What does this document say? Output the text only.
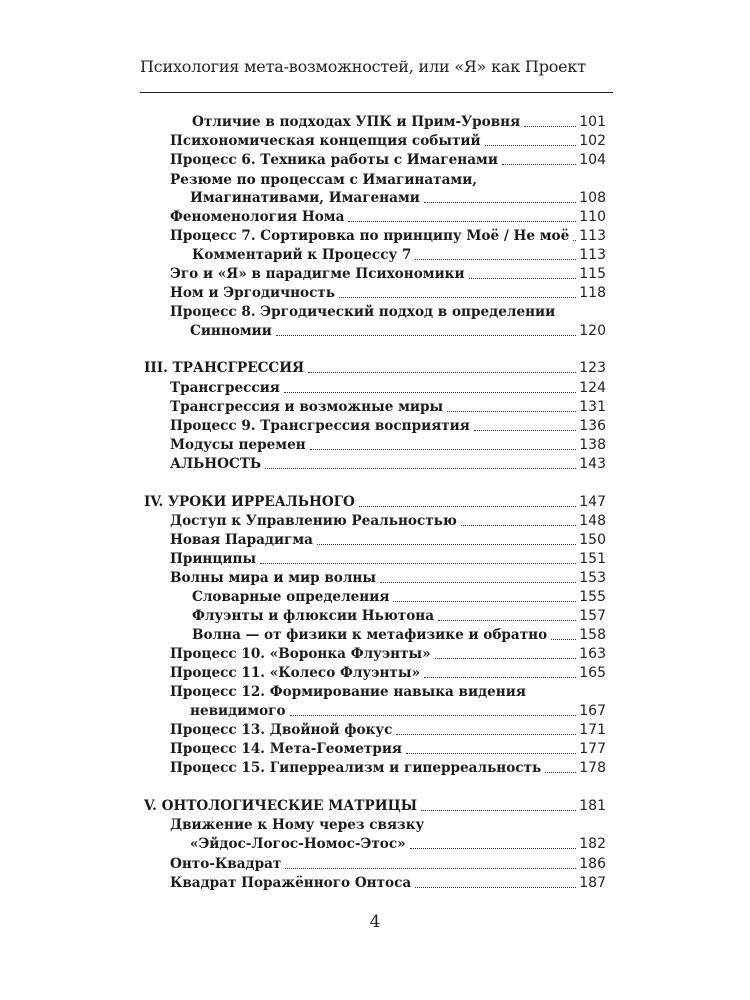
Психология мета-возможностей, или «Я» как Проект
Отличие в подходах УПК и Прим-Уровня	101
Психономическая концепция событий	102
Процесс 6. Техника работы с Имагенами	104
Резюме по процессам с Имагинатами,
Имагинативами, Имагенами	108
Феноменология Нома	110
Процесс 7. Сортировка по принципу Моё / Не моё 113
Комментарий к Процессу 7	113
Эго и «Я» в парадигме Психономики	115
Ном и Эргодичность	118
Процесс 8. Эргодический подход в определении
Синномии	120
III. ТРАНСГРЕССИЯ	123
Трансгрессия	124
Трансгрессия и возможные миры	131
Процесс 9. Трансгрессия восприятия	136
Модусы перемен	138
АЛЬНОСТЬ	143
IV. УРОКИ ИРРЕАЛЬНОГО	147
Доступ к Управлению Реальностью	148
Новая Парадигма	150
Принципы	151
Волны мира и мир волны	153
Словарные определения	155
Флуэнты и флюксии Ньютона	157
Волна — от физики к метафизике и обратно 158
Процесс 10. «Воронка Флуэнты»	163
Процесс 11. «Колесо Флуэнты»	165
Процесс 12. Формирование навыка видения
невидимого	167
Процесс 13. Двойной фокус	171
Процесс 14. Мета-Геометрия	177
Процесс 15. Гиперреализм и гиперреальность	178
V. ОНТОЛОГИЧЕСКИЕ МАТРИЦЫ	181
Движение к Ному через связку
«Эйдос-Логос-Номос-Этос»	182
Онто-Квадрат	186
Квадрат Поражённого Онтоса	187
4
